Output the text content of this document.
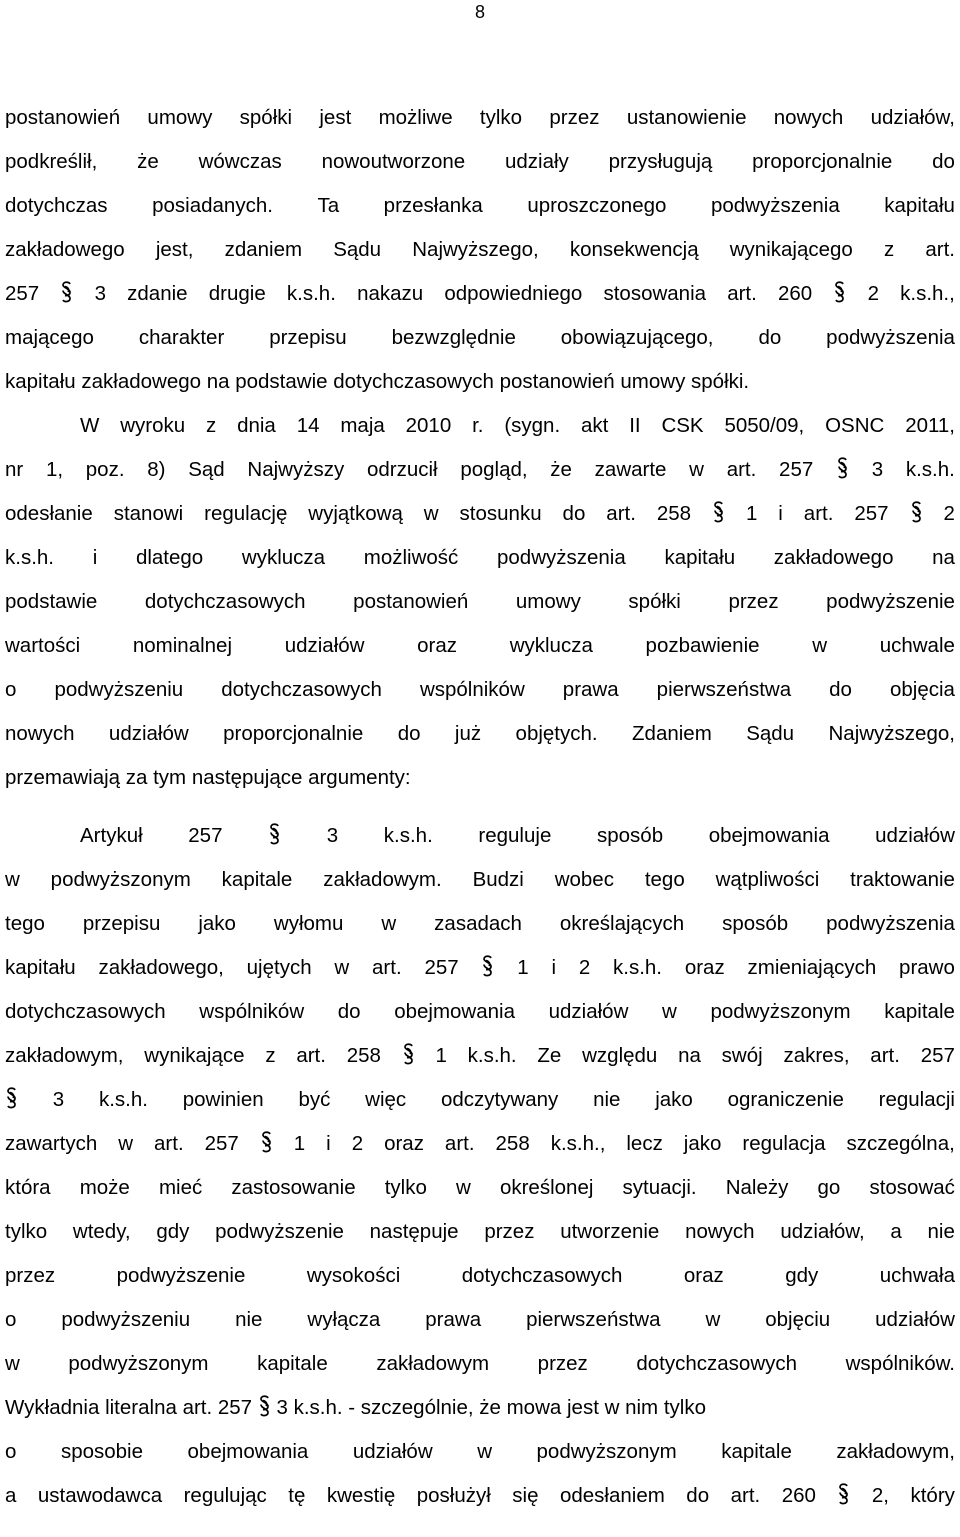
8
postanowień umowy spółki jest możliwe tylko przez ustanowienie nowych udziałów,
podkreślił, że wówczas nowoutworzone udziały przysługują proporcjonalnie do
dotychczas posiadanych. Ta przesłanka uproszczonego podwyższenia kapitału
zakładowego jest, zdaniem Sądu Najwyższego, konsekwencją wynikającego z art.
257	3 zdanie drugie k.s.h. nakazu odpowiedniego stosowania art. 260	2 k.s.h.,
mającego charakter przepisu bezwzględnie obowiązującego, do podwyższenia
kapitału zakładowego na podstawie dotychczasowych postanowień umowy spółki.
W wyroku z dnia 14 maja 2010 r. (sygn. akt II CSK 5050/09, OSNC 2011,
nr 1, poz. 8) Sąd Najwyższy odrzucił pogląd, że zawarte w art. 257	3 k.s.h.
odesłanie stanowi regulację wyjątkową w stosunku do art. 258	1 i art. 257	2
k.s.h. i dlatego wyklucza możliwość podwyższenia kapitału zakładowego na
podstawie dotychczasowych postanowień umowy spółki przez podwyższenie
wartości	nominalnej	udziałów	oraz	wyklucza	pozbawienie	w	uchwale
o podwyższeniu dotychczasowych wspólników prawa pierwszeństwa do objęcia
nowych udziałów proporcjonalnie do już objętych. Zdaniem Sądu Najwyższego,
przemawiają za tym następujące argumenty:
Artykuł 257	3 k.s.h. reguluje sposób obejmowania udziałów
w podwyższonym kapitale zakładowym. Budzi wobec tego wątpliwości traktowanie
tego przepisu jako wyłomu w zasadach określających sposób podwyższenia
kapitału zakładowego, ujętych w art. 257	1 i 2 k.s.h. oraz zmieniających prawo
dotychczasowych wspólników do obejmowania udziałów w podwyższonym kapitale
zakładowym, wynikające z art. 258	1 k.s.h. Ze względu na swój zakres, art. 257
3 k.s.h. powinien być więc odczytywany nie jako ograniczenie regulacji
zawartych w art. 257	1 i 2 oraz art. 258 k.s.h., lecz jako regulacja szczególna,
która może mieć zastosowanie tylko w określonej sytuacji. Należy go stosować
tylko wtedy, gdy podwyższenie następuje przez utworzenie nowych udziałów, a nie
przez	podwyższenie	wysokości	dotychczasowych	oraz	gdy	uchwała
o podwyższeniu nie wyłącza prawa pierwszeństwa w objęciu udziałów
w podwyższonym kapitale zakładowym przez dotychczasowych wspólników.
Wykładnia literalna art. 257 3 k.s.h. - szczególnie, że mowa jest w nim tylko
o sposobie obejmowania udziałów w podwyższonym kapitale zakładowym,
a ustawodawca regulując tę kwestię posłużył się odesłaniem do art. 260	2, który
